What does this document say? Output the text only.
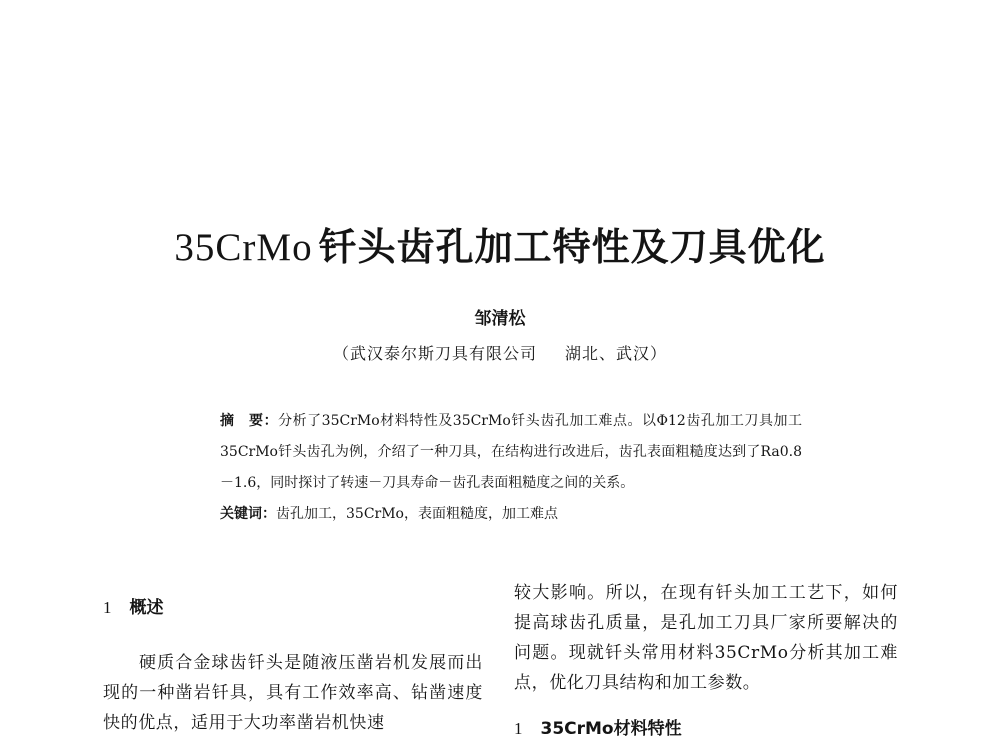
35CrMo 钎头齿孔加工特性及刀具优化
邹清松
（武汉泰尔斯刀具有限公司 湖北、武汉）

摘　要：分析了35CrMo材料特性及35CrMo钎头齿孔加工难点。以Φ12齿孔加工刀具加工35CrMo钎头齿孔为例，介绍了一种刀具，在结构进行改进后，齿孔表面粗糙度达到了Ra0.8－1.6，同时探讨了转速－刀具寿命－齿孔表面粗糙度之间的关系。

关键词：齿孔加工，35CrMo，表面粗糙度，加工难点

1 概述

硬质合金球齿钎头是随液压凿岩机发展而出现的一种凿岩钎具，具有工作效率高、钻凿速度快的优点，适用于大功率凿岩机快速

较大影响。所以，在现有钎头加工工艺下，如何提高球齿孔质量，是孔加工刀具厂家所要解决的问题。现就钎头常用材料35CrMo分析其加工难点，优化刀具结构和加工参数。

1 35CrMo材料特性
